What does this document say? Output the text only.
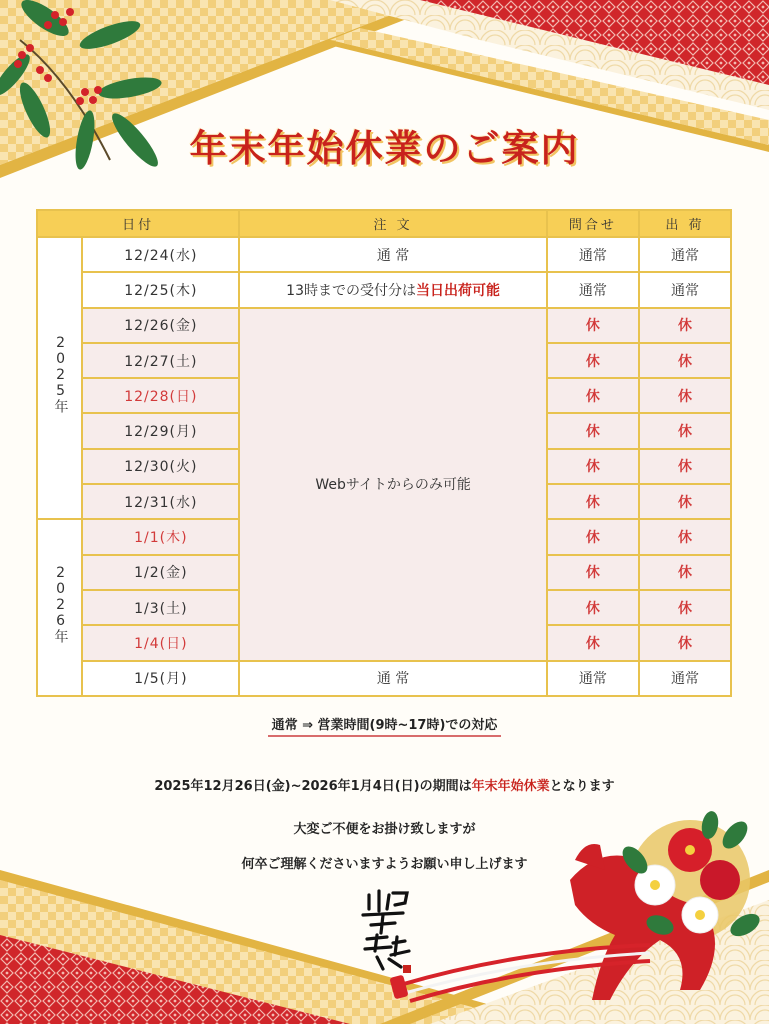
年末年始休業のご案内
日付		注 文	問合せ	出 荷
2025年	12/24(水)	通 常	通常	通常
	12/25(木)	13時までの受付分は当日出荷可能	通常	通常
	12/26(金)	Webサイトからのみ可能	休	休
	12/27(土)		休	休
	12/28(日)		休	休
	12/29(月)		休	休
	12/30(火)		休	休
	12/31(水)		休	休
2026年	1/1(木)		休	休
	1/2(金)		休	休
	1/3(土)		休	休
	1/4(日)		休	休
	1/5(月)	通 常	通常	通常
通常 ⇒ 営業時間(9時~17時)での対応
2025年12月26日(金)~2026年1月4日(日)の期間は年末年始休業となります
大変ご不便をお掛け致しますが
何卒ご理解くださいますようお願い申し上げます
